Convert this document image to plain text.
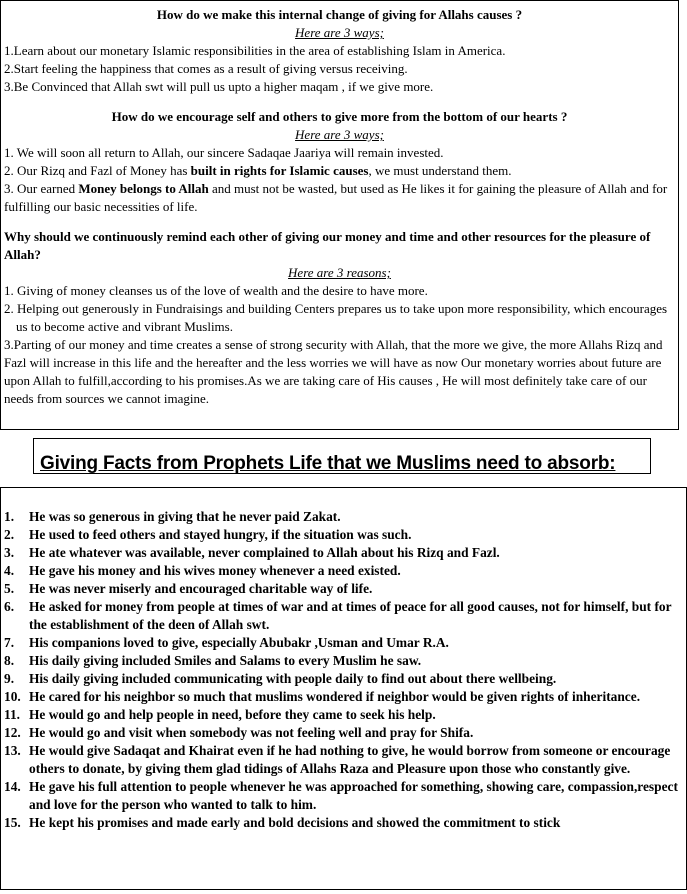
How do we make this internal change of giving for Allahs causes ?

Here are 3 ways;

1.Learn about our monetary Islamic responsibilities in the area of establishing Islam in America.

2.Start feeling the happiness that comes as a result of giving versus receiving.

3.Be Convinced that Allah swt will pull us upto a higher maqam , if we give more.

How do we encourage self and others to give more from the bottom of our hearts ?

Here are 3 ways;

1. We will soon all return to Allah, our sincere Sadaqae Jaariya will remain invested.

2. Our Rizq and Fazl of Money has built in rights for Islamic causes, we must understand them.

3. Our earned Money belongs to Allah and must not be wasted, but used as He likes it for gaining the pleasure of Allah and for fulfilling our basic necessities of life.

Why should we continuously remind each other of giving our money and time and other resources for the pleasure of Allah?

Here are 3 reasons;

1. Giving of money cleanses us of the love of wealth and the desire to have more.

2. Helping out generously in Fundraisings and building Centers prepares us to take upon more responsibility, which encourages us to become active and vibrant Muslims.

3.Parting of our money and time creates a sense of strong security with Allah, that the more we give, the more Allahs Rizq and Fazl will increase in this life and the hereafter and the less worries we will have as now Our monetary worries about future are upon Allah to fulfill,according to his promises.As we are taking care of His causes , He will most definitely take care of our needs from sources we cannot imagine.

Giving Facts from Prophets Life that we Muslims need to absorb:
1.	He was so generous in giving that he never paid Zakat.
2.	He used to feed others and stayed hungry, if the situation was such.
3.	He ate whatever was available, never complained to Allah about his Rizq and Fazl.
4.	He gave his money and his wives money whenever a need existed.
5.	He was never miserly and encouraged charitable way of life.
6.	He asked for money from people at times of war and at times of peace for all good causes, not for himself, but for the establishment of the deen of Allah swt.
7.	His companions loved to give, especially Abubakr ,Usman and Umar R.A.
8.	His daily giving included Smiles and Salams to every Muslim he saw.
9.	His daily giving included communicating with people daily to find out about there wellbeing.
10. He cared for his neighbor so much that muslims wondered if neighbor would be given rights of inheritance.
11. He would go and help people in need, before they came to seek his help.
12. He would go and visit when somebody was not feeling well and pray for Shifa.
13. He would give Sadaqat and Khairat even if he had nothing to give, he would borrow from someone or encourage others to donate, by giving them glad tidings of Allahs Raza and Pleasure upon those who constantly give.
14. He gave his full attention to people whenever he was approached for something, showing care, compassion,respect and love for the person who wanted to talk to him.
15. He kept his promises and made early and bold decisions and showed the commitment to stick
